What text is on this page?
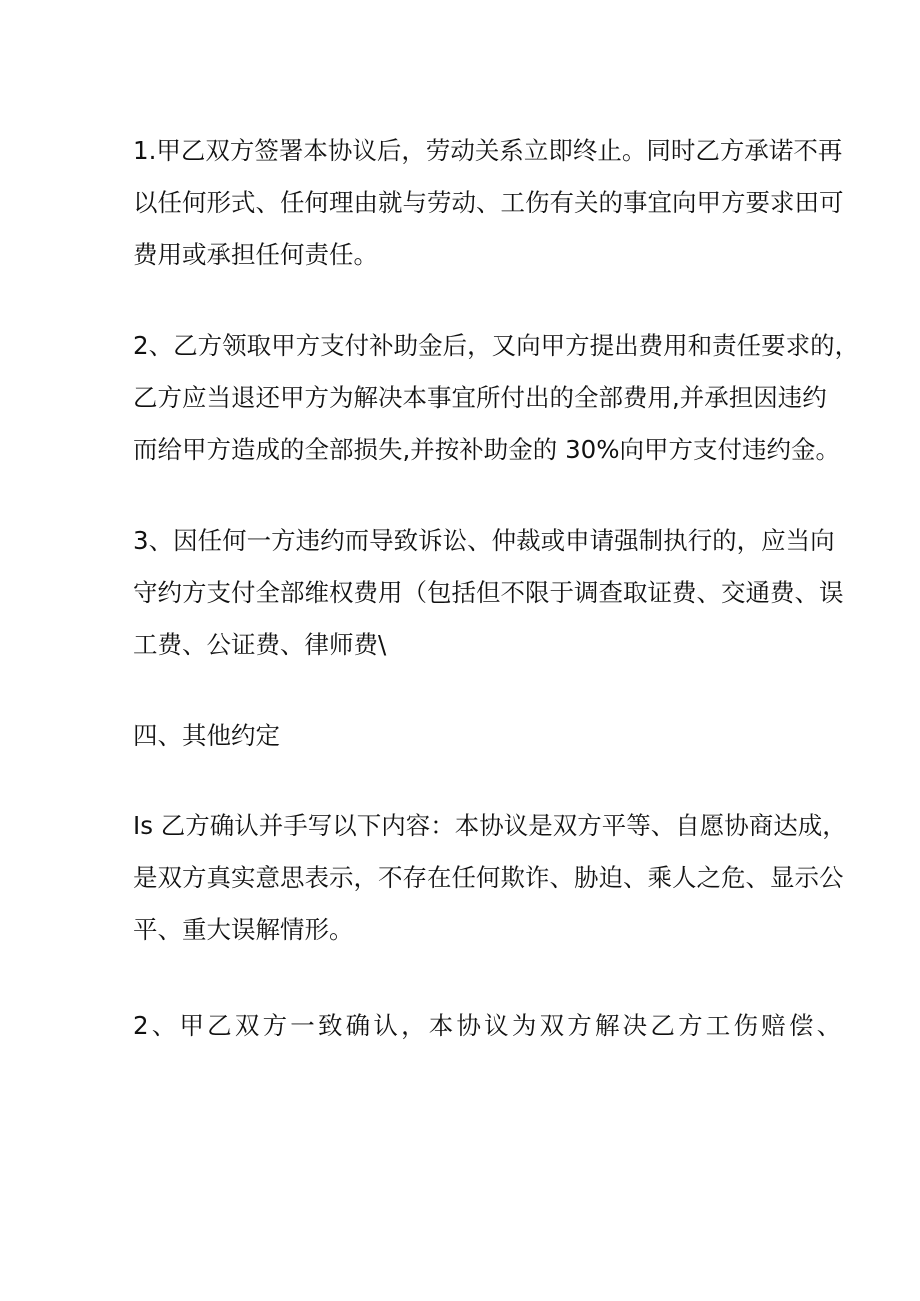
1.甲乙双方签署本协议后，劳动关系立即终止。同时乙方承诺不再
以任何形式、任何理由就与劳动、工伤有关的事宜向甲方要求田可
费用或承担任何责任。

2、乙方领取甲方支付补助金后，又向甲方提出费用和责任要求的，
乙方应当退还甲方为解决本事宜所付出的全部费用,并承担因违约
而给甲方造成的全部损失,并按补助金的 30%向甲方支付违约金。

3、因任何一方违约而导致诉讼、仲裁或申请强制执行的，应当向
守约方支付全部维权费用（包括但不限于调查取证费、交通费、误
工费、公证费、律师费\

四、其他约定

Is 乙方确认并手写以下内容：本协议是双方平等、自愿协商达成，
是双方真实意思表示，不存在任何欺诈、胁迫、乘人之危、显示公
平、重大误解情形。

2、甲乙双方一致确认，本协议为双方解决乙方工伤赔偿、
